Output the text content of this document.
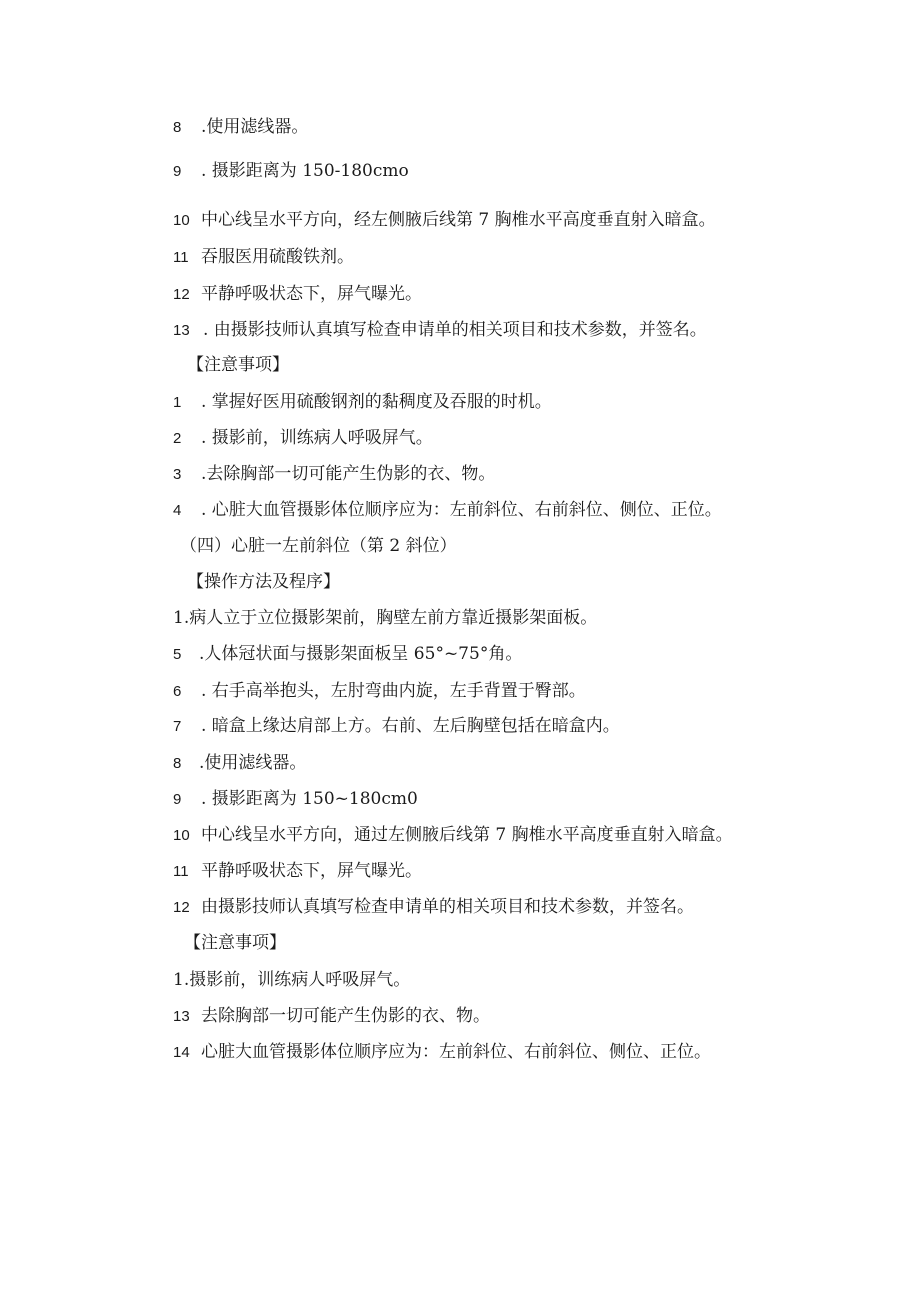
8 .使用滤线器。
9 . 摄影距离为 150-180cmo
10 中心线呈水平方向，经左侧腋后线第 7 胸椎水平高度垂直射入暗盒。
11 吞服医用硫酸铁剂。
12 平静呼吸状态下，屏气曝光。
13 . 由摄影技师认真填写检查申请单的相关项目和技术参数，并签名。
【注意事项】
1 . 掌握好医用硫酸钢剂的黏稠度及吞服的时机。
2 . 摄影前，训练病人呼吸屏气。
3 .去除胸部一切可能产生伪影的衣、物。
4 . 心脏大血管摄影体位顺序应为：左前斜位、右前斜位、侧位、正位。
（四）心脏一左前斜位（第 2 斜位）
【操作方法及程序】
1.病人立于立位摄影架前，胸壁左前方靠近摄影架面板。
5 .人体冠状面与摄影架面板呈 65°~75°角。
6 . 右手高举抱头，左肘弯曲内旋，左手背置于臀部。
7 . 暗盒上缘达肩部上方。右前、左后胸壁包括在暗盒内。
8 .使用滤线器。
9 . 摄影距离为 150~180cm0
10 中心线呈水平方向，通过左侧腋后线第 7 胸椎水平高度垂直射入暗盒。
11 平静呼吸状态下，屏气曝光。
12 由摄影技师认真填写检查申请单的相关项目和技术参数，并签名。
【注意事项】
1.摄影前，训练病人呼吸屏气。
13 去除胸部一切可能产生伪影的衣、物。
14 心脏大血管摄影体位顺序应为：左前斜位、右前斜位、侧位、正位。
